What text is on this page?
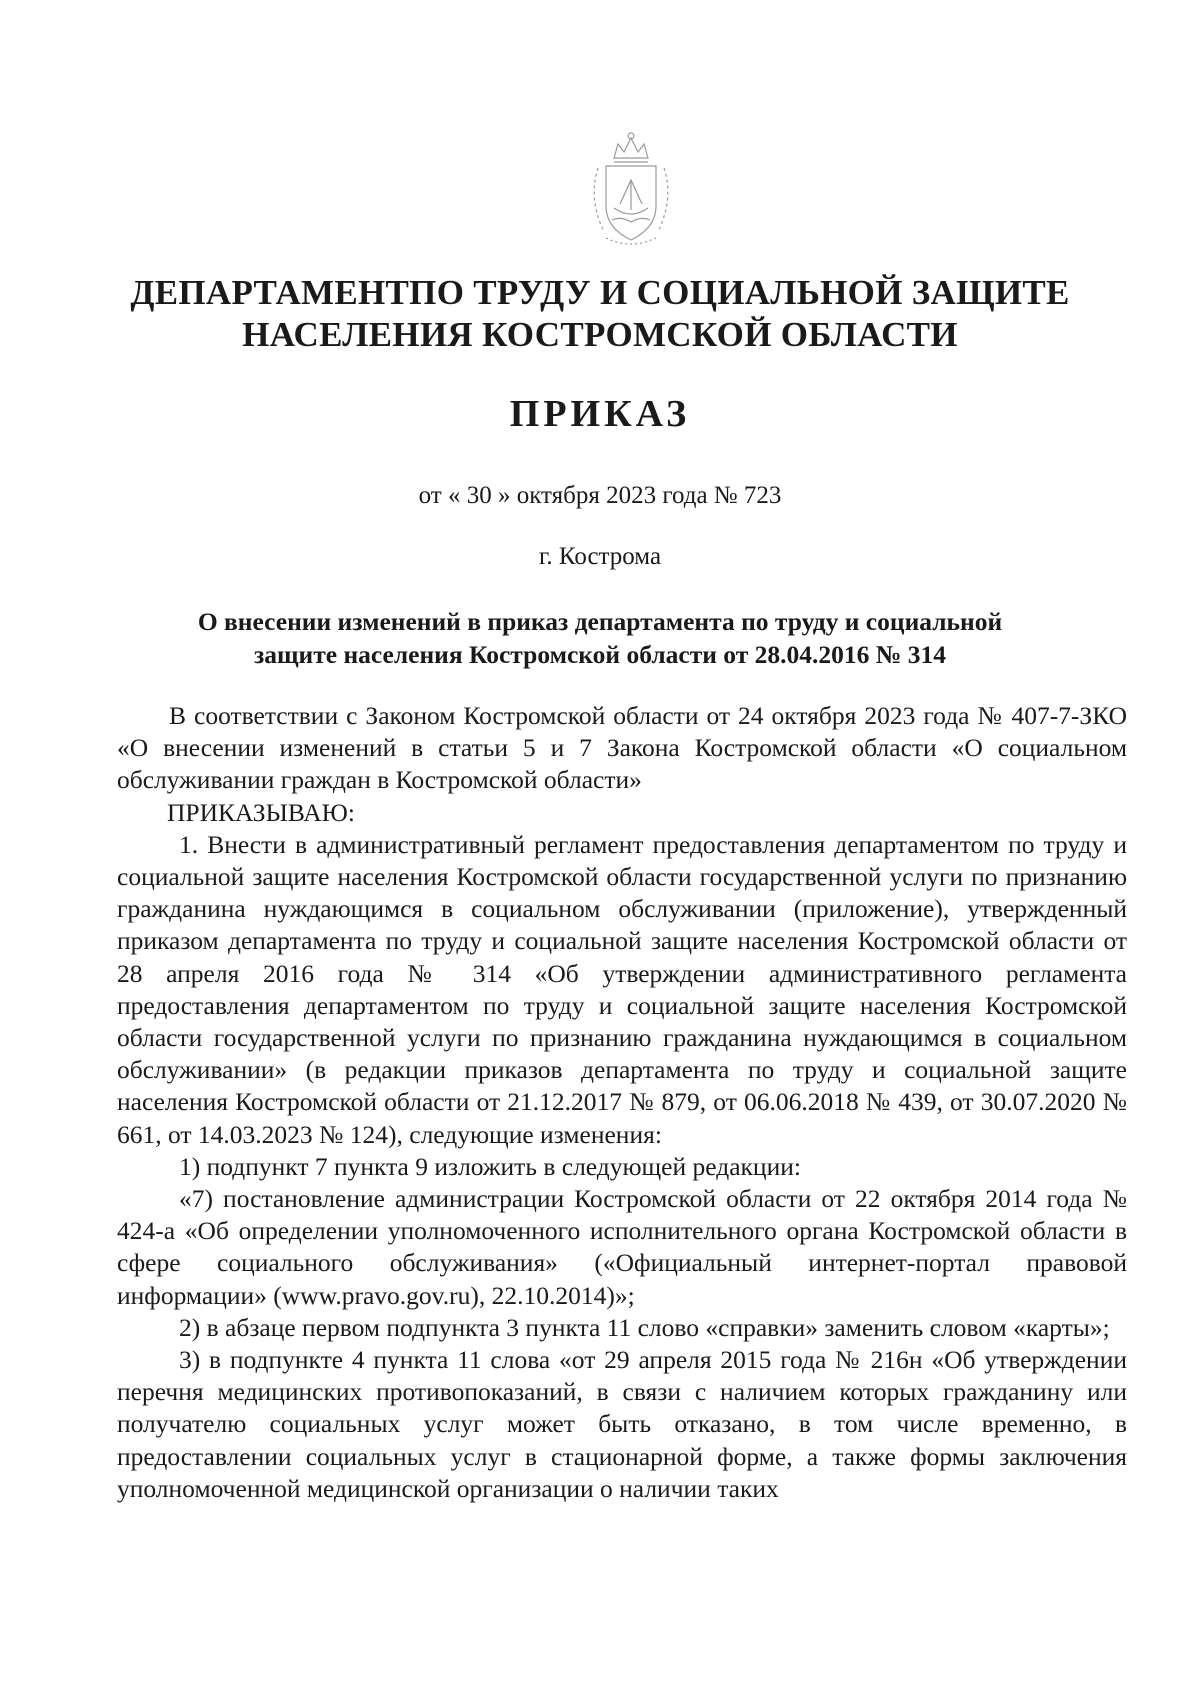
ДЕПАРТАМЕНТПО ТРУДУ И СОЦИАЛЬНОЙ ЗАЩИТЕ
НАСЕЛЕНИЯ КОСТРОМСКОЙ ОБЛАСТИ
ПРИКАЗ
от « 30 » октября 2023 года № 723
г. Кострома
О внесении изменений в приказ департамента по труду и социальной
защите населения Костромской области от 28.04.2016 № 314

В соответствии с Законом Костромской области от 24 октября 2023 года № 407-7-ЗКО «О внесении изменений в статьи 5 и 7 Закона Костромской области «О социальном обслуживании граждан в Костромской области»

ПРИКАЗЫВАЮ:

1. Внести в административный регламент предоставления департаментом по труду и социальной защите населения Костромской области государственной услуги по признанию гражданина нуждающимся в социальном обслуживании (приложение), утвержденный приказом департамента по труду и социальной защите населения Костромской области от 28 апреля 2016 года № 314 «Об утверждении административного регламента предоставления департаментом по труду и социальной защите населения Костромской области государственной услуги по признанию гражданина нуждающимся в социальном обслуживании» (в редакции приказов департамента по труду и социальной защите населения Костромской области от 21.12.2017 № 879, от 06.06.2018 № 439, от 30.07.2020 № 661, от 14.03.2023 № 124), следующие изменения:

1) подпункт 7 пункта 9 изложить в следующей редакции:

«7) постановление администрации Костромской области от 22 октября 2014 года № 424-а «Об определении уполномоченного исполнительного органа Костромской области в сфере социального обслуживания» («Официальный интернет-портал правовой информации» (www.pravo.gov.ru), 22.10.2014)»;

2) в абзаце первом подпункта 3 пункта 11 слово «справки» заменить словом «карты»;

3) в подпункте 4 пункта 11 слова «от 29 апреля 2015 года № 216н «Об утверждении перечня медицинских противопоказаний, в связи с наличием которых гражданину или получателю социальных услуг может быть отказано, в том числе временно, в предоставлении социальных услуг в стационарной форме, а также формы заключения уполномоченной медицинской организации о наличии таких
